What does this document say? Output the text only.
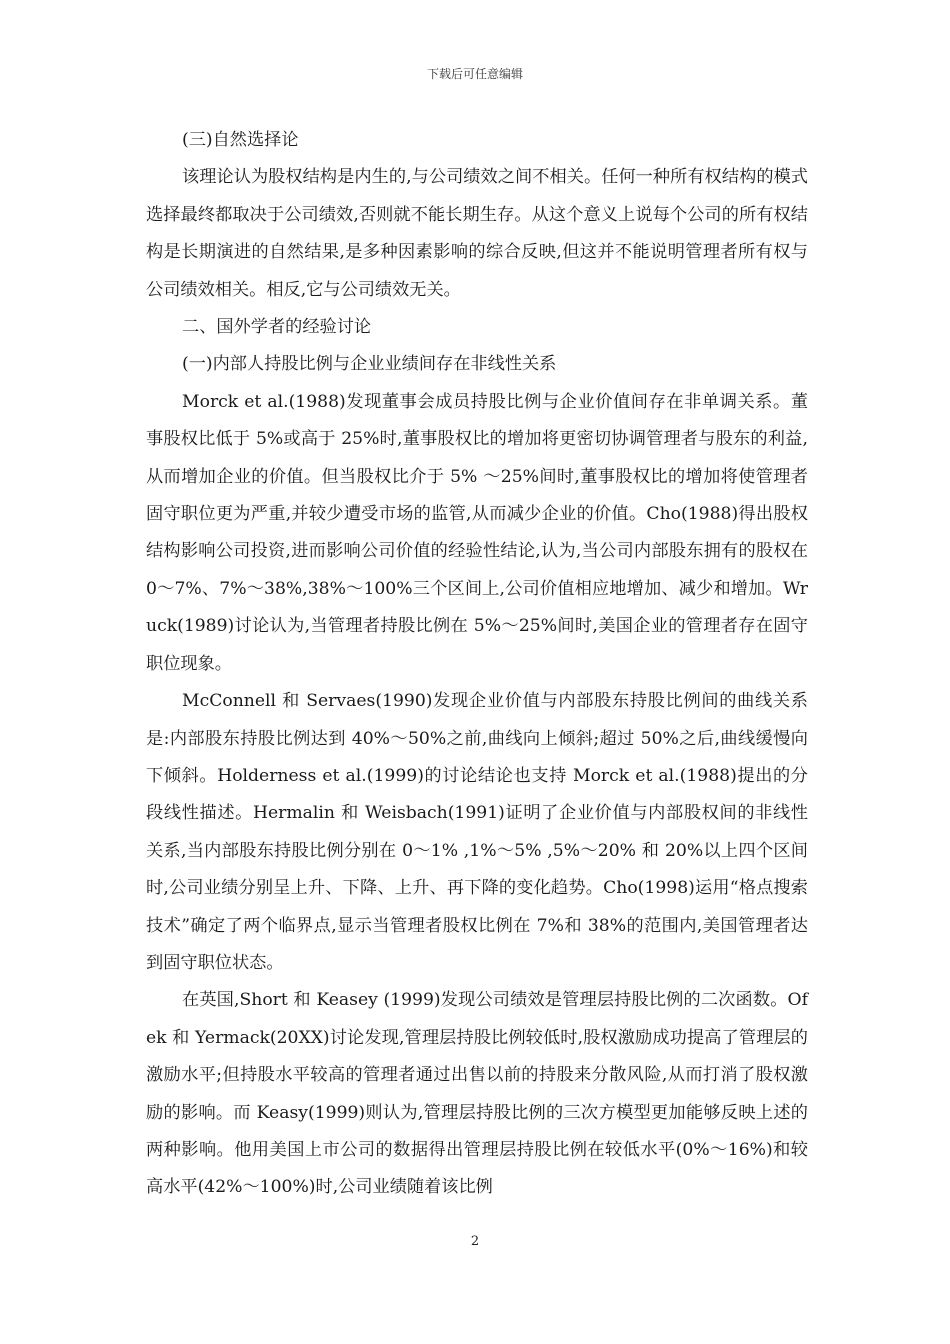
下载后可任意编辑

(三)自然选择论

该理论认为股权结构是内生的,与公司绩效之间不相关。任何一种所有权结构的模式选择最终都取决于公司绩效,否则就不能长期生存。从这个意义上说每个公司的所有权结构是长期演进的自然结果,是多种因素影响的综合反映,但这并不能说明管理者所有权与公司绩效相关。相反,它与公司绩效无关。

二、国外学者的经验讨论

(一)内部人持股比例与企业业绩间存在非线性关系

Morck et al.(1988)发现董事会成员持股比例与企业价值间存在非单调关系。董事股权比低于 5%或高于 25%时,董事股权比的增加将更密切协调管理者与股东的利益,从而增加企业的价值。但当股权比介于 5% ～25%间时,董事股权比的增加将使管理者固守职位更为严重,并较少遭受市场的监管,从而减少企业的价值。Cho(1988)得出股权结构影响公司投资,进而影响公司价值的经验性结论,认为,当公司内部股东拥有的股权在 0～7%、7%～38%,38%～100%三个区间上,公司价值相应地增加、减少和增加。Wruck(1989)讨论认为,当管理者持股比例在 5%～25%间时,美国企业的管理者存在固守职位现象。

McConnell 和 Servaes(1990)发现企业价值与内部股东持股比例间的曲线关系是:内部股东持股比例达到 40%～50%之前,曲线向上倾斜;超过 50%之后,曲线缓慢向下倾斜。Holderness et al.(1999)的讨论结论也支持 Morck et al.(1988)提出的分段线性描述。Hermalin 和 Weisbach(1991)证明了企业价值与内部股权间的非线性关系,当内部股东持股比例分别在 0～1% ,1%～5% ,5%～20% 和 20%以上四个区间时,公司业绩分别呈上升、下降、上升、再下降的变化趋势。Cho(1998)运用“格点搜索技术”确定了两个临界点,显示当管理者股权比例在 7%和 38%的范围内,美国管理者达到固守职位状态。

在英国,Short 和 Keasey (1999)发现公司绩效是管理层持股比例的二次函数。Ofek 和 Yermack(20XX)讨论发现,管理层持股比例较低时,股权激励成功提高了管理层的激励水平;但持股水平较高的管理者通过出售以前的持股来分散风险,从而打消了股权激励的影响。而 Keasy(1999)则认为,管理层持股比例的三次方模型更加能够反映上述的两种影响。他用美国上市公司的数据得出管理层持股比例在较低水平(0%～16%)和较高水平(42%～100%)时,公司业绩随着该比例

2
